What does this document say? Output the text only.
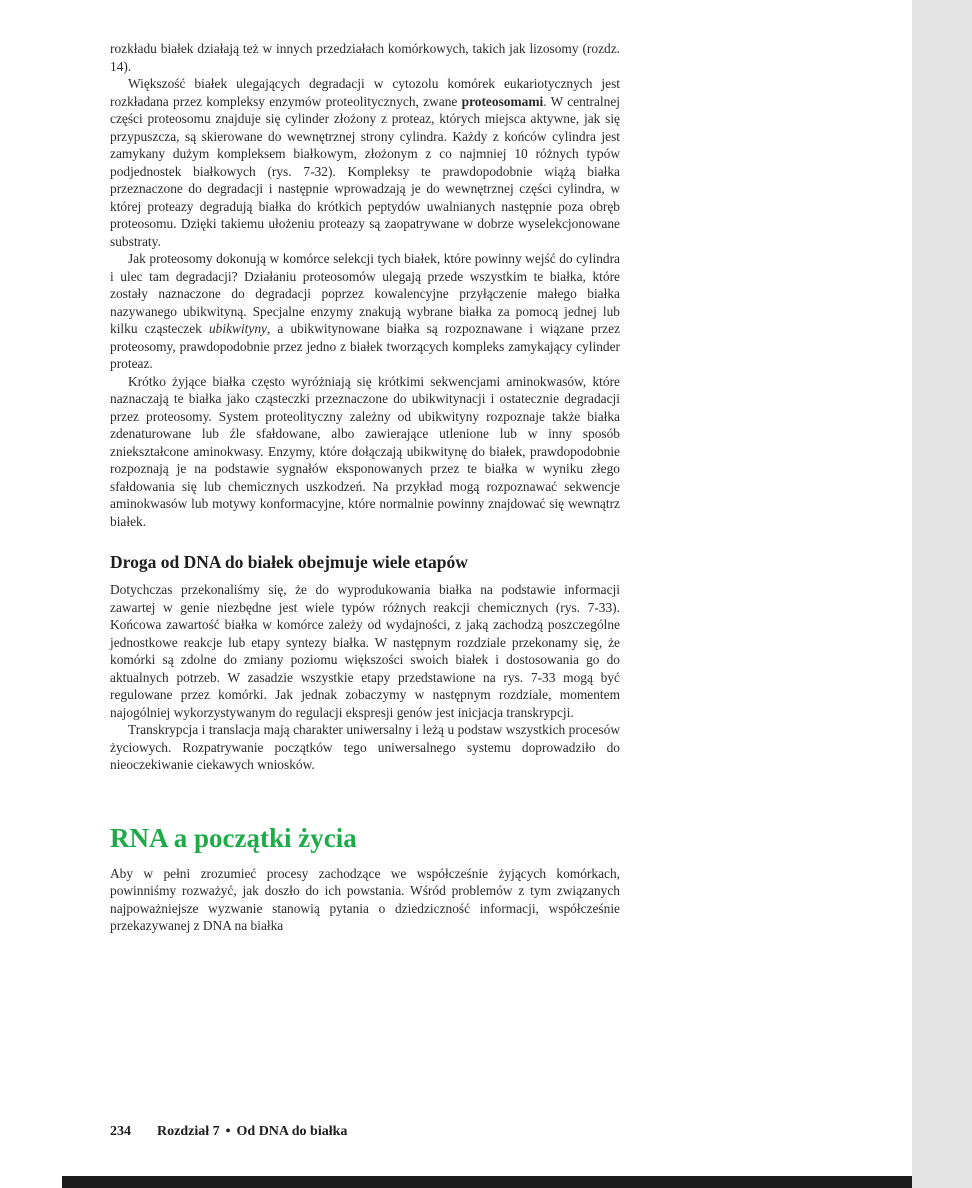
rozkładu białek działają też w innych przedziałach komórkowych, takich jak lizosomy (rozdz. 14).

Większość białek ulegających degradacji w cytozolu komórek eukariotycznych jest rozkładana przez kompleksy enzymów proteolitycznych, zwane proteosomami. W centralnej części proteosomu znajduje się cylinder złożony z proteaz, których miejsca aktywne, jak się przypuszcza, są skierowane do wewnętrznej strony cylindra. Każdy z końców cylindra jest zamykany dużym kompleksem białkowym, złożonym z co najmniej 10 różnych typów podjednostek białkowych (rys. 7-32). Kompleksy te prawdopodobnie wiążą białka przeznaczone do degradacji i następnie wprowadzają je do wewnętrznej części cylindra, w której proteazy degradują białka do krótkich peptydów uwalnianych następnie poza obręb proteosomu. Dzięki takiemu ułożeniu proteazy są zaopatrywane w dobrze wyselekcjonowane substraty.

Jak proteosomy dokonują w komórce selekcji tych białek, które powinny wejść do cylindra i ulec tam degradacji? Działaniu proteosomów ulegają przede wszystkim te białka, które zostały naznaczone do degradacji poprzez kowalencyjne przyłączenie małego białka nazywanego ubikwityną. Specjalne enzymy znakują wybrane białka za pomocą jednej lub kilku cząsteczek ubikwityny, a ubikwitynowane białka są rozpoznawane i wiązane przez proteosomy, prawdopodobnie przez jedno z białek tworzących kompleks zamykający cylinder proteaz.

Krótko żyjące białka często wyróżniają się krótkimi sekwencjami aminokwasów, które naznaczają te białka jako cząsteczki przeznaczone do ubikwitynacji i ostatecznie degradacji przez proteosomy. System proteolityczny zależny od ubikwityny rozpoznaje także białka zdenaturowane lub źle sfałdowane, albo zawierające utlenione lub w inny sposób zniekształcone aminokwasy. Enzymy, które dołączają ubikwitynę do białek, prawdopodobnie rozpoznają je na podstawie sygnałów eksponowanych przez te białka w wyniku złego sfałdowania się lub chemicznych uszkodzeń. Na przykład mogą rozpoznawać sekwencje aminokwasów lub motywy konformacyjne, które normalnie powinny znajdować się wewnątrz białek.

Droga od DNA do białek obejmuje wiele etapów

Dotychczas przekonaliśmy się, że do wyprodukowania białka na podstawie informacji zawartej w genie niezbędne jest wiele typów różnych reakcji chemicznych (rys. 7-33). Końcowa zawartość białka w komórce zależy od wydajności, z jaką zachodzą poszczególne jednostkowe reakcje lub etapy syntezy białka. W następnym rozdziale przekonamy się, że komórki są zdolne do zmiany poziomu większości swoich białek i dostosowania go do aktualnych potrzeb. W zasadzie wszystkie etapy przedstawione na rys. 7-33 mogą być regulowane przez komórki. Jak jednak zobaczymy w następnym rozdziale, momentem najogólniej wykorzystywanym do regulacji ekspresji genów jest inicjacja transkrypcji.

Transkrypcja i translacja mają charakter uniwersalny i leżą u podstaw wszystkich procesów życiowych. Rozpatrywanie początków tego uniwersalnego systemu doprowadziło do nieoczekiwanie ciekawych wniosków.

RNA a początki życia

Aby w pełni zrozumieć procesy zachodzące we współcześnie żyjących komórkach, powinniśmy rozważyć, jak doszło do ich powstania. Wśród problemów z tym związanych najpoważniejsze wyzwanie stanowią pytania o dziedziczność informacji, współcześnie przekazywanej z DNA na białka

234 Rozdział 7 • Od DNA do białka
